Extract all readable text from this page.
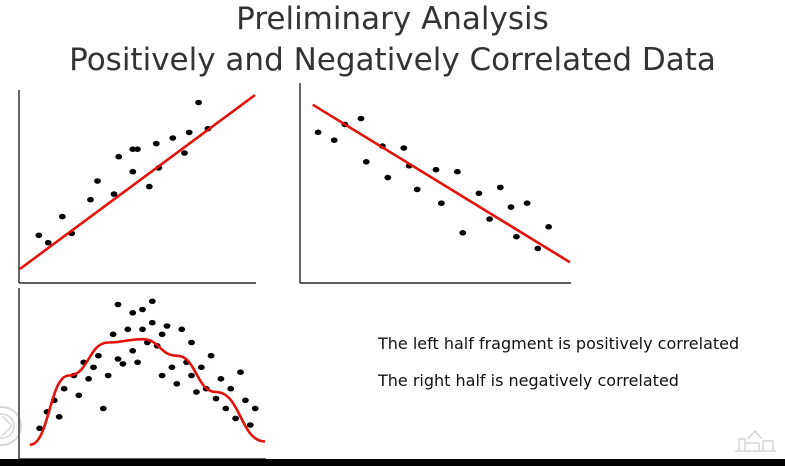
Preliminary Analysis
Positively and Negatively Correlated Data
The left half fragment is positively correlated
The right half is negatively correlated
